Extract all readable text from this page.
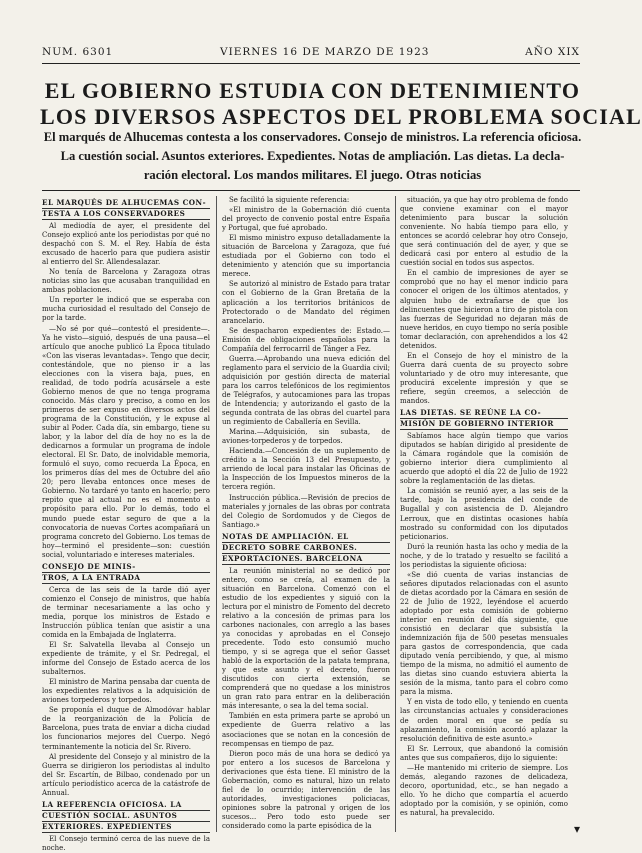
NUM. 6301	VIERNES 16 DE MARZO DE 1923	AÑO XIX
EL GOBIERNO ESTUDIA CON DETENIMIENTO
LOS DIVERSOS ASPECTOS DEL PROBLEMA SOCIAL
El marqués de Alhucemas contesta a los conservadores. Consejo de ministros. La referencia oficiosa.
La cuestión social. Asuntos exteriores. Expedientes. Notas de ampliación. Las dietas. La decla-
ración electoral. Los mandos militares. El juego. Otras noticias
EL MARQUÉS DE ALHUCEMAS CON-
TESTA A LOS CONSERVADORES

Al mediodía de ayer, el presidente del Consejo explicó ante los periodistas por qué no despachó con S. M. el Rey. Había de ésta excusado de hacerlo para que pudiera asistir al entierro del Sr. Allendesalazar.

No tenía de Barcelona y Zaragoza otras noticias sino las que acusaban tranquilidad en ambas poblaciones.

Un reporter le indicó que se esperaba con mucha curiosidad el resultado del Consejo de por la tarde.

—No sé por qué—contestó el presidente—. Ya he visto—siguió, después de una pausa—el artículo que anoche publicó La Época titulado «Con las viseras levantadas». Tengo que decir, contestándole, que no pienso ir a las elecciones con la visera baja, pues, en realidad, de todo podría acusársele a este Gobierno menos de que no tenga programa conocido. Más claro y preciso, a como en los primeros de ser expuso en diversos actos del programa de la Constitución, y le expuse al subir al Poder. Cada día, sin embargo, tiene su labor, y la labor del día de hoy no es la de dedicarnos a formular un programa de índole electoral. El Sr. Dato, de inolvidable memoria, formuló el suyo, como recuerda La Época, en los primeros días del mes de Octubre del año 20; pero llevaba entonces once meses de Gobierno. No tardaré yo tanto en hacerlo; pero repito que al actual no es el momento a propósito para ello. Por lo demás, todo el mundo puede estar seguro de que a la convocatoria de nuevas Cortes acompañará un programa concreto del Gobierno. Los temas de hoy—terminó el presidente—son: cuestión social, voluntariado e intereses materiales.

CONSEJO DE MINIS-
TROS, A LA ENTRADA

Cerca de las seis de la tarde dió ayer comienzo el Consejo de ministros, que había de terminar necesariamente a las ocho y media, porque los ministros de Estado e Instrucción pública tenían que asistir a una comida en la Embajada de Inglaterra.

El Sr. Salvatella llevaba al Consejo un expediente de trámite, y el Sr. Pedregal, el informe del Consejo de Estado acerca de los subalternos.

El ministro de Marina pensaba dar cuenta de los expedientes relativos a la adquisición de aviones torpederos y torpedos.

Se proponía el duque de Almodóvar hablar de la reorganización de la Policía de Barcelona, pues trata de enviar a dicha ciudad los funcionarios mejores del Cuerpo. Negó terminantemente la noticia del Sr. Rivero.

Al presidente del Consejo y al ministro de la Guerra se dirigieron los periodistas al indulto del Sr. Escartín, de Bilbao, condenado por un artículo periodístico acerca de la catástrofe de Annual.

LA REFERENCIA OFICIOSA. LA
CUESTIÓN SOCIAL. ASUNTOS
EXTERIORES. EXPEDIENTES

El Consejo terminó cerca de las nueve de la noche.

Se facilitó la siguiente referencia:

«El ministro de la Gobernación dió cuenta del proyecto de convenio postal entre España y Portugal, que fué aprobado.

El mismo ministro expuso detalladamente la situación de Barcelona y Zaragoza, que fué estudiada por el Gobierno con todo el detenimiento y atención que su importancia merece.

Se autorizó al ministro de Estado para tratar con el Gobierno de la Gran Bretaña de la aplicación a los territorios británicos de Protectorado o de Mandato del régimen arancelario.

Se despacharon expedientes de: Estado.—Emisión de obligaciones españolas para la Compañía del ferrocarril de Tánger a Fez.

Guerra.—Aprobando una nueva edición del reglamento para el servicio de la Guardia civil; adquisición por gestión directa de material para los carros telefónicos de los regimientos de Telégrafos, y autocamiones para las tropas de Intendencia; y autorizando el gasto de la segunda contrata de las obras del cuartel para un regimiento de Caballería en Sevilla.

Marina.—Adquisición, sin subasta, de aviones-torpederos y de torpedos.

Hacienda.—Concesión de un suplemento de crédito a la Sección 13 del Presupuesto, y arriendo de local para instalar las Oficinas de la Inspección de los Impuestos mineros de la tercera región.

Instrucción pública.—Revisión de precios de materiales y jornales de las obras por contrata del Colegio de Sordomudos y de Ciegos de Santiago.»

NOTAS DE AMPLIACIÓN. EL
DECRETO SOBRE CARBONES.
EXPORTACIONES. BARCELONA

La reunión ministerial no se dedicó por entero, como se creía, al examen de la situación en Barcelona. Comenzó con el estudio de los expedientes y siguió con la lectura por el ministro de Fomento del decreto relativo a la concesión de primas para los carbones nacionales, con arreglo a las bases ya conocidas y aprobadas en el Consejo precedente. Todo esto consumió mucho tiempo, y si se agrega que el señor Gasset habló de la exportación de la patata temprana, y que este asunto y el decreto, fueron discutidos con cierta extensión, se comprenderá que no quedase a los ministros un gran rato para entrar en la deliberación más interesante, o sea la del tema social.

También en esta primera parte se aprobó un expediente de Guerra relativo a las asociaciones que se notan en la concesión de recompensas en tiempo de paz.

Dieron poco más de una hora se dedicó ya por entero a los sucesos de Barcelona y derivaciones que ésta tiene. El ministro de la Gobernación, como es natural, hizo un relato fiel de lo ocurrido; intervención de las autoridades, investigaciones policiacas, opiniones sobre la patronal y origen de los sucesos... Pero todo esto puede ser considerado como la parte episódica de la

situación, ya que hay otro problema de fondo que conviene examinar con el mayor detenimiento para buscar la solución conveniente. No había tiempo para ello, y entonces se acordó celebrar hoy otro Consejo, que será continuación del de ayer, y que se dedicará casi por entero al estudio de la cuestión social en todos sus aspectos.

En el cambio de impresiones de ayer se comprobó que no hay el menor indicio para conocer el origen de los últimos atentados, y alguien hubo de extrañarse de que los delincuentes que hicieron a tiro de pistola con las fuerzas de Seguridad no dejaran más de nueve heridos, en cuyo tiempo no sería posible tomar declaración, con aprehendidos a los 42 detenidos.

En el Consejo de hoy el ministro de la Guerra dará cuenta de su proyecto sobre voluntariado y de otro muy interesante, que producirá excelente impresión y que se refiere, según creemos, a selección de mandos.

LAS DIETAS. SE REÚNE LA CO-
MISIÓN DE GOBIERNO INTERIOR

Sabíamos hace algún tiempo que varios diputados se habían dirigido al presidente de la Cámara rogándole que la comisión de gobierno interior diera cumplimiento al acuerdo que adoptó el día 22 de Julio de 1922 sobre la reglamentación de las dietas.

La comisión se reunió ayer, a las seis de la tarde, bajo la presidencia del conde de Bugallal y con asistencia de D. Alejandro Lerroux, que en distintas ocasiones había mostrado su conformidad con los diputados peticionarios.

Duró la reunión hasta las ocho y media de la noche, y de lo tratado y resuelto se facilitó a los periodistas la siguiente oficiosa:

«Se dió cuenta de varias instancias de señores diputados relacionadas con el asunto de dietas acordado por la Cámara en sesión de 22 de Julio de 1922, leyéndose el acuerdo adoptado por esta comisión de gobierno interior en reunión del día siguiente, que consistió en declarar que subsistía la indemnización fija de 500 pesetas mensuales para gastos de correspondencia, que cada diputado venía percibiendo, y que, al mismo tiempo de la misma, no admitió el aumento de las dietas sino cuando estuviera abierta la sesión de la misma, tanto para el cobro como para la misma.

Y en vista de todo ello, y teniendo en cuenta las circunstancias actuales y consideraciones de orden moral en que se pedía su aplazamiento, la comisión acordó aplazar la resolución definitiva de este asunto.»

El Sr. Lerroux, que abandonó la comisión antes que sus compañeros, dijo lo siguiente:

—He mantenido mi criterio de siempre. Los demás, alegando razones de delicadeza, decoro, oportunidad, etc., se han negado a ello. Yo he dicho que compartía el acuerdo adoptado por la comisión, y se opinión, como es natural, ha prevalecido.

▾
